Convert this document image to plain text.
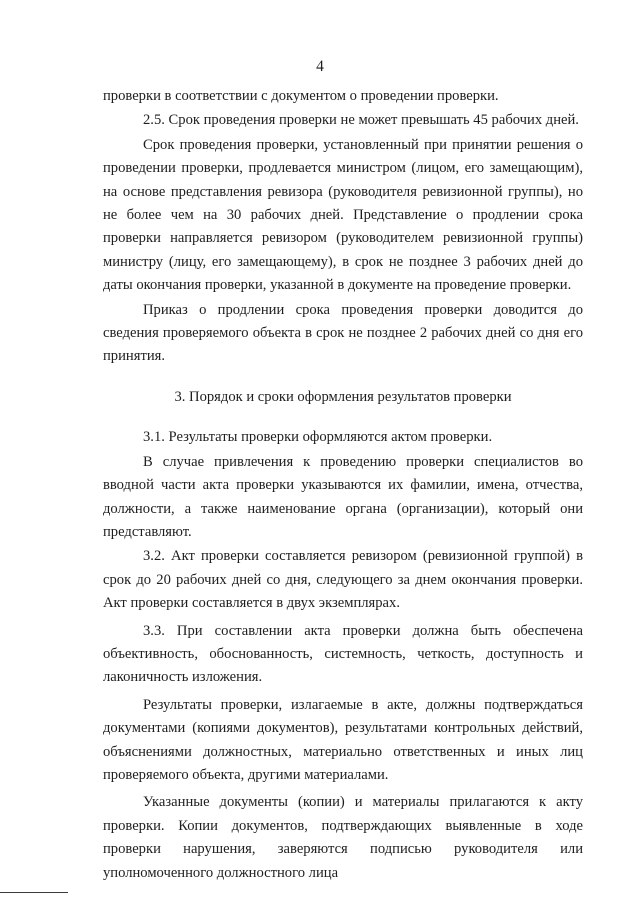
4

проверки в соответствии с документом о проведении проверки.

2.5. Срок проведения проверки не может превышать 45 рабочих дней.

Срок проведения проверки, установленный при принятии решения о проведении проверки, продлевается министром (лицом, его замещающим), на основе представления ревизора (руководителя ревизионной группы), но не более чем на 30 рабочих дней. Представление о продлении срока проверки направляется ревизором (руководителем ревизионной группы) министру (лицу, его замещающему), в срок не позднее 3 рабочих дней до даты окончания проверки, указанной в документе на проведение проверки.

Приказ о продлении срока проведения проверки доводится до сведения проверяемого объекта в срок не позднее 2 рабочих дней со дня его принятия.

3. Порядок и сроки оформления результатов проверки

3.1. Результаты проверки оформляются актом проверки.

В случае привлечения к проведению проверки специалистов во вводной части акта проверки указываются их фамилии, имена, отчества, должности, а также наименование органа (организации), который они представляют.

3.2. Акт проверки составляется ревизором (ревизионной группой) в срок до 20 рабочих дней со дня, следующего за днем окончания проверки. Акт проверки составляется в двух экземплярах.

3.3. При составлении акта проверки должна быть обеспечена объективность, обоснованность, системность, четкость, доступность и лаконичность изложения.

Результаты проверки, излагаемые в акте, должны подтверждаться документами (копиями документов), результатами контрольных действий, объяснениями должностных, материально ответственных и иных лиц проверяемого объекта, другими материалами.

Указанные документы (копии) и материалы прилагаются к акту проверки. Копии документов, подтверждающих выявленные в ходе проверки нарушения, заверяются подписью руководителя или уполномоченного должностного лица
